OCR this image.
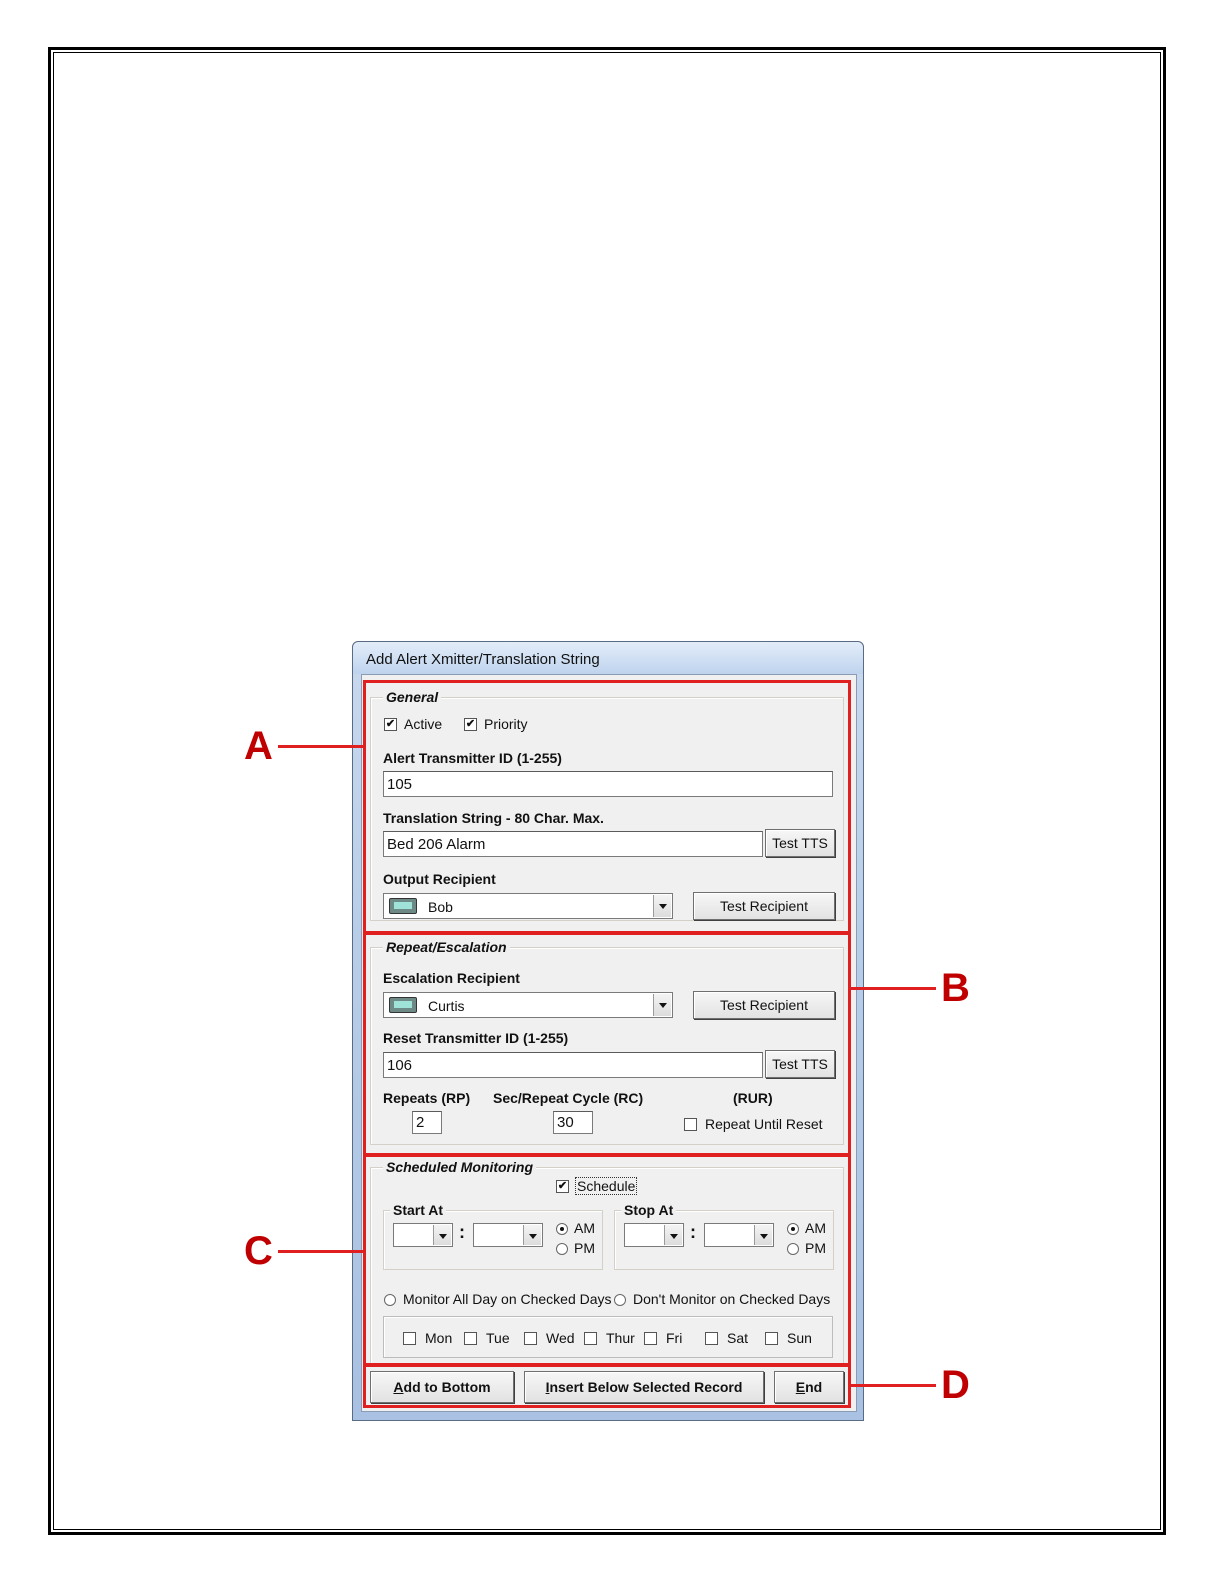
Add Alert Xmitter/Translation String
General
✔ Active ✔ Priority
Alert Transmitter ID (1-255)
105
Translation String - 80 Char. Max.
Bed 206 Alarm	Test TTS
Output Recipient
Bob	Test Recipient
Repeat/Escalation
Escalation Recipient
Curtis	Test Recipient
Reset Transmitter ID (1-255)
106	Test TTS
Repeats (RP) Sec/Repeat Cycle (RC)	(RUR)
2	30	Repeat Until Reset
Scheduled Monitoring
✔ Schedule
Start At
:	AM
PM
Stop At
:	AM
PM
Monitor All Day on Checked Days Don't Monitor on Checked Days
Mon Tue	Wed Thur Fri	Sat	Sun
Add to Bottom	Insert Below Selected Record	End
A
B
C
D
